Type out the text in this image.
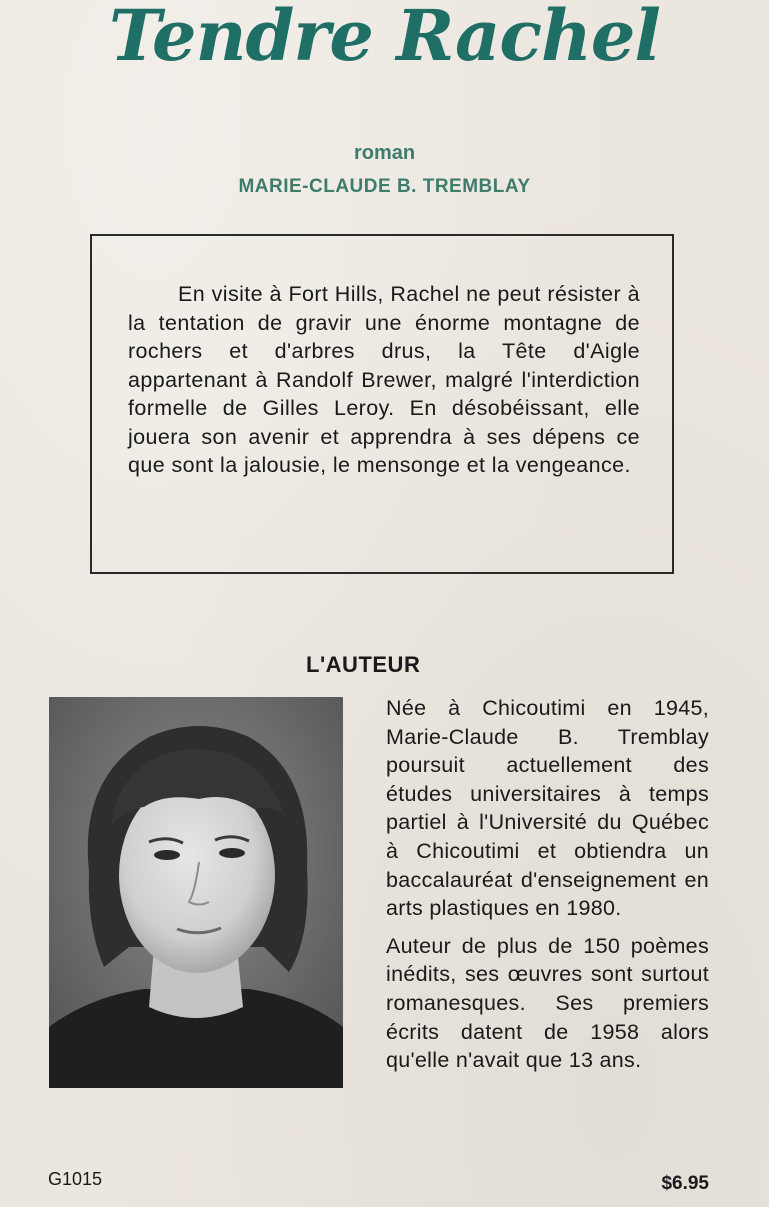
Tendre Rachel
roman
MARIE-CLAUDE B. TREMBLAY

En visite à Fort Hills, Rachel ne peut résister à la tentation de gravir une énorme montagne de rochers et d'arbres drus, la Tête d'Aigle appartenant à Randolf Brewer, malgré l'interdiction formelle de Gilles Leroy. En désobéissant, elle jouera son avenir et apprendra à ses dépens ce que sont la jalousie, le mensonge et la vengeance.

L'AUTEUR

Née à Chicoutimi en 1945, Marie-Claude B. Tremblay poursuit actuellement des études universitaires à temps partiel à l'Université du Québec à Chicoutimi et obtiendra un baccalauréat d'enseignement en arts plastiques en 1980.

Auteur de plus de 150 poèmes inédits, ses œuvres sont surtout romanesques. Ses premiers écrits datent de 1958 alors qu'elle n'avait que 13 ans.

G1015	$6.95
